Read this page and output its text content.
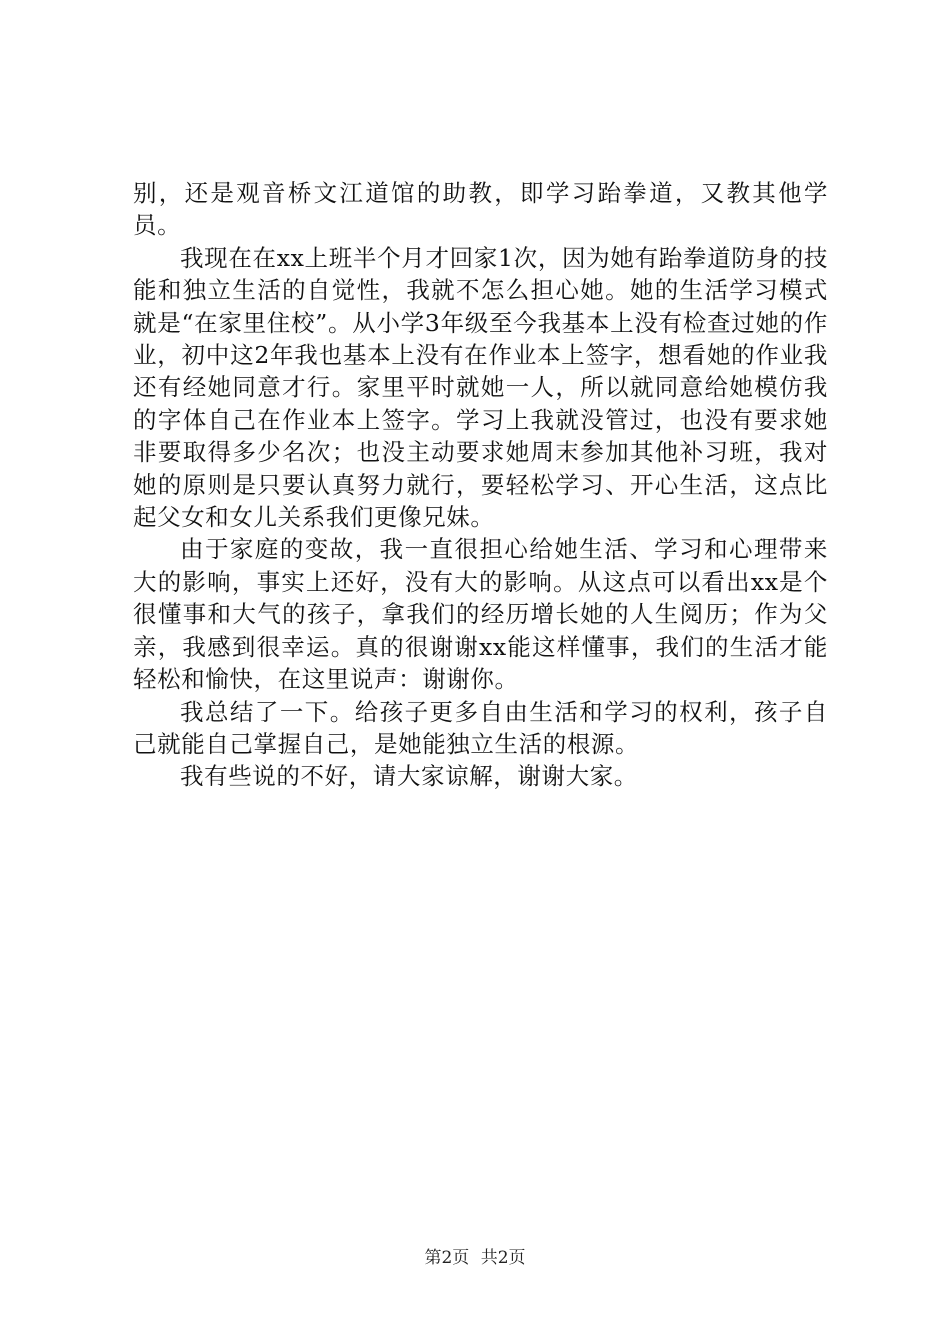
别，还是观音桥文江道馆的助教，即学习跆拳道，又教其他学员。

我现在在xx上班半个月才回家1次，因为她有跆拳道防身的技能和独立生活的自觉性，我就不怎么担心她。她的生活学习模式就是“在家里住校”。从小学3年级至今我基本上没有检查过她的作业，初中这2年我也基本上没有在作业本上签字，想看她的作业我还有经她同意才行。家里平时就她一人，所以就同意给她模仿我的字体自己在作业本上签字。学习上我就没管过，也没有要求她非要取得多少名次；也没主动要求她周末参加其他补习班，我对她的原则是只要认真努力就行，要轻松学习、开心生活，这点比起父女和女儿关系我们更像兄妹。

由于家庭的变故，我一直很担心给她生活、学习和心理带来大的影响，事实上还好，没有大的影响。从这点可以看出xx是个很懂事和大气的孩子，拿我们的经历增长她的人生阅历；作为父亲，我感到很幸运。真的很谢谢xx能这样懂事，我们的生活才能轻松和愉快，在这里说声：谢谢你。

我总结了一下。给孩子更多自由生活和学习的权利，孩子自己就能自己掌握自己，是她能独立生活的根源。

我有些说的不好，请大家谅解，谢谢大家。

第2页 共2页
